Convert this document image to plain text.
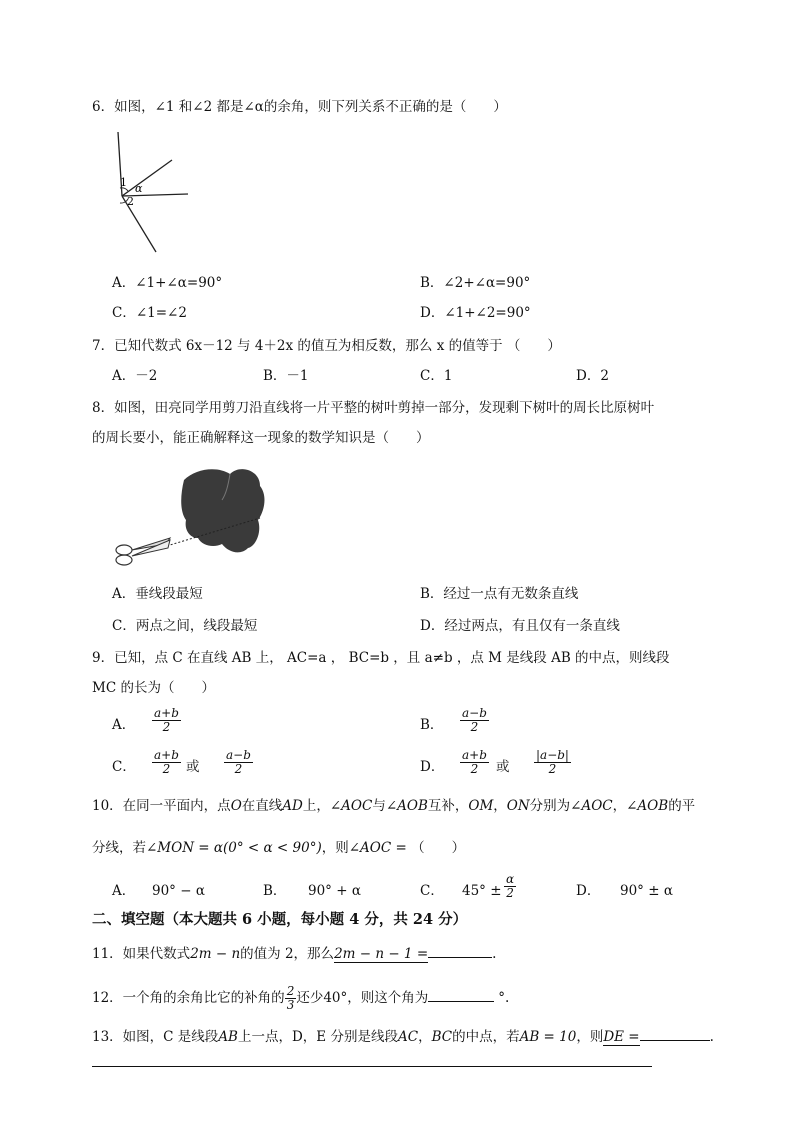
6．如图，∠1 和∠2 都是∠α的余角，则下列关系不正确的是（　　）
1 α
2
A．∠1+∠α=90°	B．∠2+∠α=90°
C．∠1=∠2	D．∠1+∠2=90°
7．已知代数式 6x－12 与 4＋2x 的值互为相反数，那么 x 的值等于 （　　）
A．－2	B．－1	C．1	D．2
8．如图，田亮同学用剪刀沿直线将一片平整的树叶剪掉一部分，发现剩下树叶的周长比原树叶
的周长要小，能正确解释这一现象的数学知识是（　　）
A．垂线段最短	B．经过一点有无数条直线
C．两点之间，线段最短	D．经过两点，有且仅有一条直线
9．已知，点 C 在直线 AB 上， AC=a ， BC=b ，且 a≠b ，点 M 是线段 AB 的中点，则线段
MC 的长为（　　）
A． $\frac{a+b}{2}$	B． $\frac{a-b}{2}$
C． $\frac{a+b}{2}$ 或 $\frac{a-b}{2}$	D． $\frac{a+b}{2}$ 或 $\frac{|a-b|}{2}$
10．在同一平面内，点O在直线AD上，∠AOC与∠AOB互补，OM，ON分别为∠AOC，∠AOB的平
分线，若∠MON = α(0° < α < 90°)，则∠AOC = （　　）
A． 90° − α	B． 90° + α	C． $45^\circ \pm \frac{\alpha}{2}$	D． 90° ± α
二、填空题（本大题共 6 小题，每小题 4 分，共 24 分）
11．如果代数式2m − n的值为 2，那么2m − n − 1 =	.
12．一个角的余角比它的补角的 $\frac{2}{3}$ 还少40°，则这个角为	°.
13．如图，C 是线段AB上一点，D，E 分别是线段AC，BC的中点，若AB = 10，则DE =	.
